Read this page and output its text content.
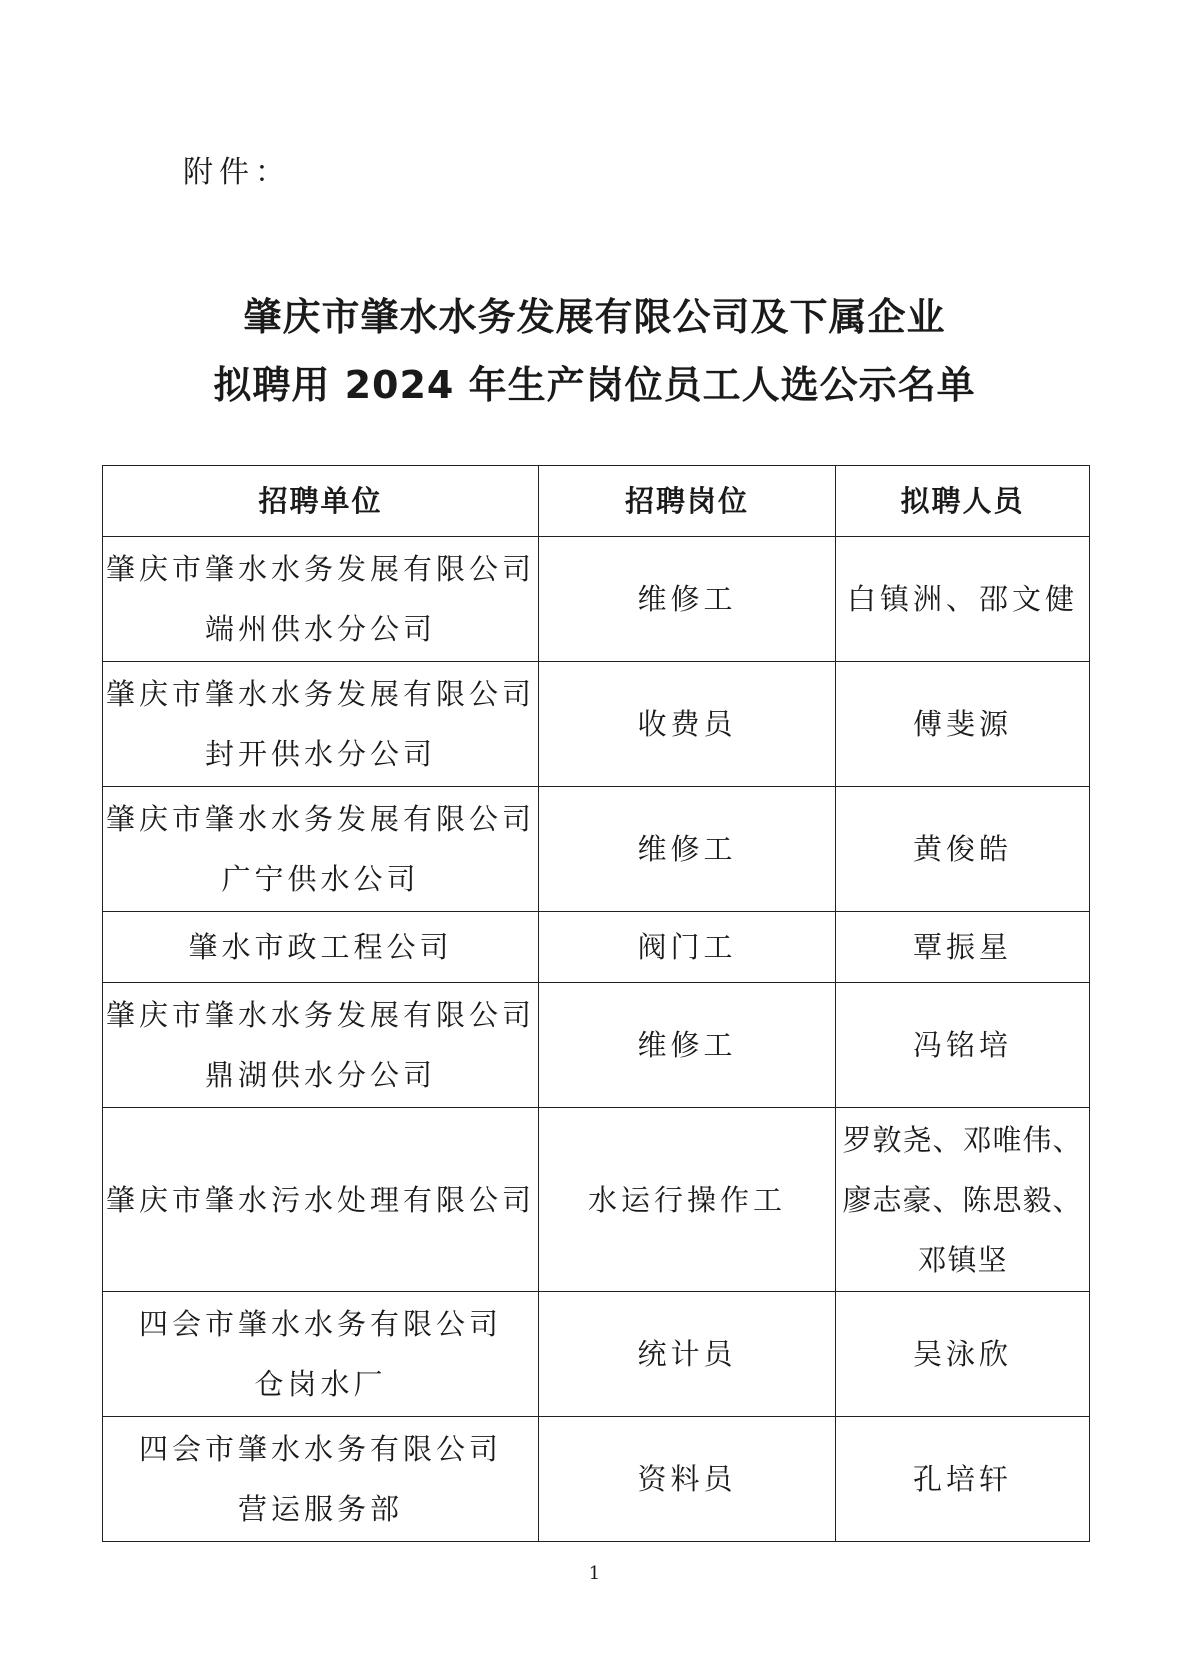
附件：
肇庆市肇水水务发展有限公司及下属企业
拟聘用 2024 年生产岗位员工人选公示名单
招聘单位	招聘岗位	拟聘人员

肇庆市肇水水务发展有限公司
端州供水分公司	维修工	白镇洲、邵文健

肇庆市肇水水务发展有限公司
封开供水分公司	收费员	傅斐源

肇庆市肇水水务发展有限公司
广宁供水公司	维修工	黄俊皓

肇水市政工程公司	阀门工	覃振星

肇庆市肇水水务发展有限公司
鼎湖供水分公司	维修工	冯铭培

肇庆市肇水污水处理有限公司	水运行操作工	罗敦尧、邓唯伟、
廖志豪、陈思毅、
邓镇坚

四会市肇水水务有限公司
仓岗水厂	统计员	吴泳欣

四会市肇水水务有限公司
营运服务部	资料员	孔培轩
1
